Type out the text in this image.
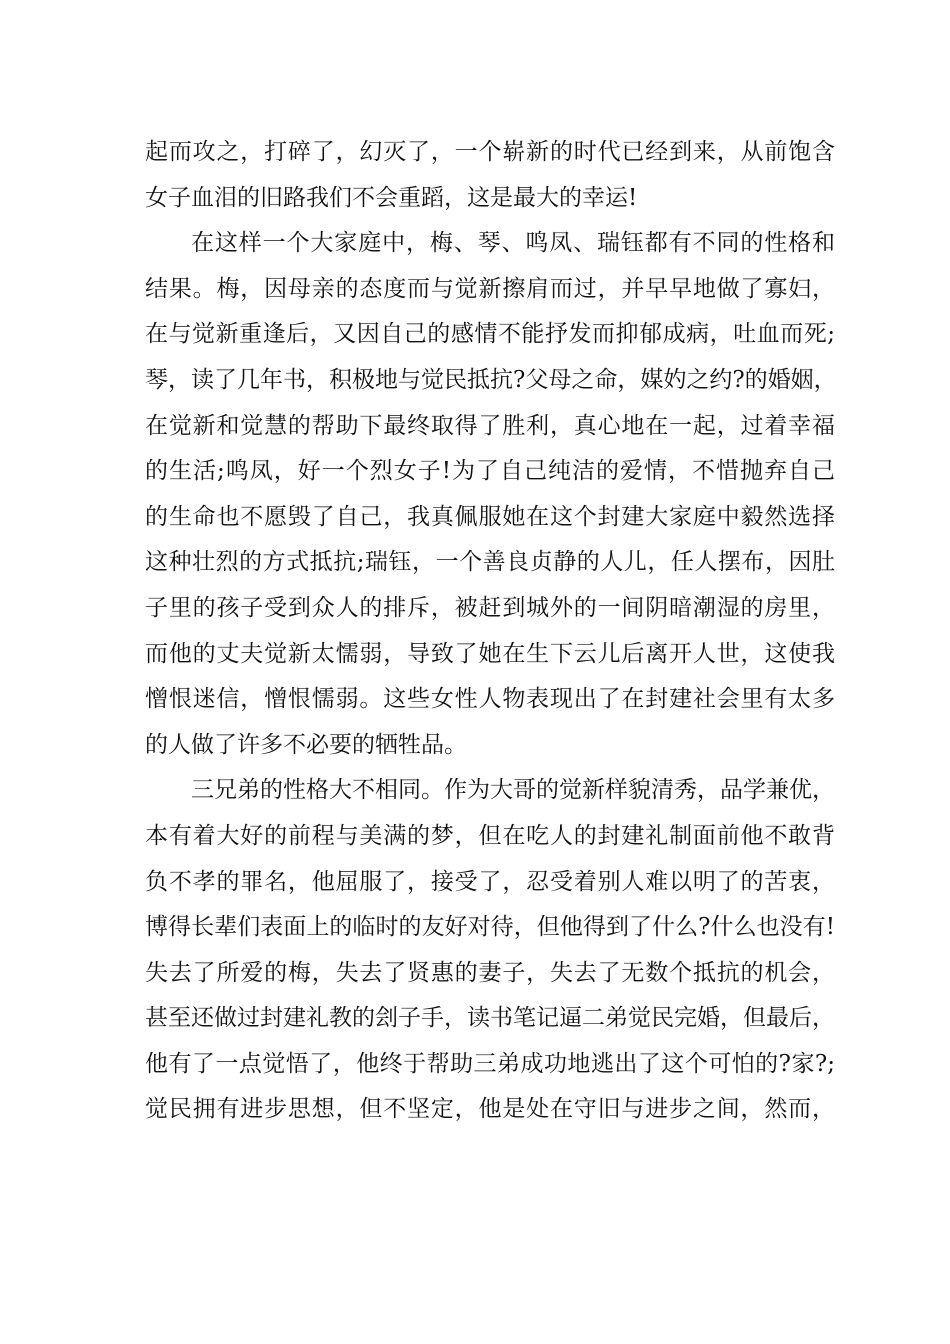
起而攻之，打碎了，幻灭了，一个崭新的时代已经到来，从前饱含
女子血泪的旧路我们不会重蹈，这是最大的幸运!
在这样一个大家庭中，梅、琴、鸣凤、瑞钰都有不同的性格和
结果。梅，因母亲的态度而与觉新擦肩而过，并早早地做了寡妇，
在与觉新重逢后，又因自己的感情不能抒发而抑郁成病，吐血而死;
琴，读了几年书，积极地与觉民抵抗?父母之命，媒妁之约?的婚姻，
在觉新和觉慧的帮助下最终取得了胜利，真心地在一起，过着幸福
的生活;鸣凤，好一个烈女子!为了自己纯洁的爱情，不惜抛弃自己
的生命也不愿毁了自己，我真佩服她在这个封建大家庭中毅然选择
这种壮烈的方式抵抗;瑞钰，一个善良贞静的人儿，任人摆布，因肚
子里的孩子受到众人的排斥，被赶到城外的一间阴暗潮湿的房里，
而他的丈夫觉新太懦弱，导致了她在生下云儿后离开人世，这使我
憎恨迷信，憎恨懦弱。这些女性人物表现出了在封建社会里有太多
的人做了许多不必要的牺牲品。
三兄弟的性格大不相同。作为大哥的觉新样貌清秀，品学兼优，
本有着大好的前程与美满的梦，但在吃人的封建礼制面前他不敢背
负不孝的罪名，他屈服了，接受了，忍受着别人难以明了的苦衷，
博得长辈们表面上的临时的友好对待，但他得到了什么?什么也没有!
失去了所爱的梅，失去了贤惠的妻子，失去了无数个抵抗的机会，
甚至还做过封建礼教的刽子手，读书笔记逼二弟觉民完婚，但最后，
他有了一点觉悟了，他终于帮助三弟成功地逃出了这个可怕的?家?;
觉民拥有进步思想，但不坚定，他是处在守旧与进步之间，然而，
